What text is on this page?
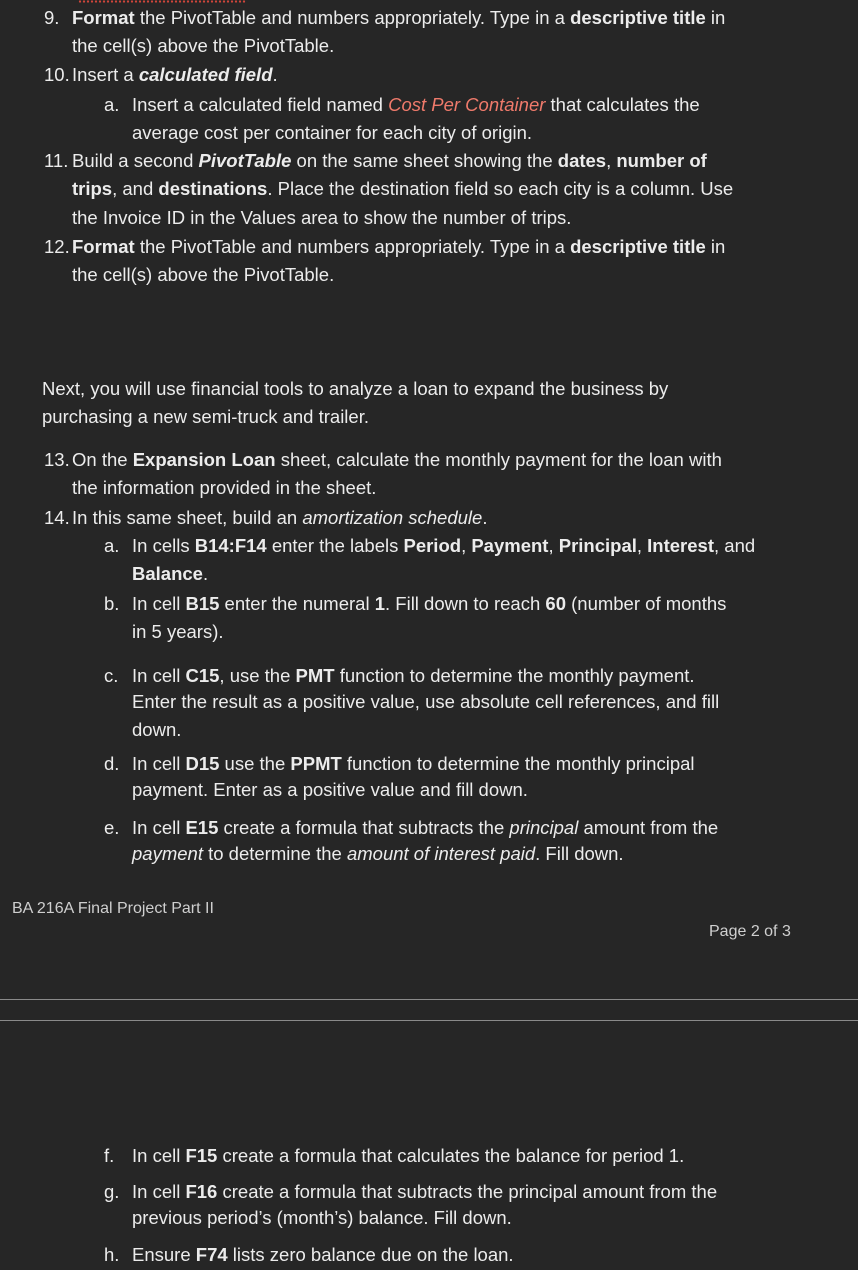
9. Format the PivotTable and numbers appropriately. Type in a descriptive title in
the cell(s) above the PivotTable.
10. Insert a calculated field.
a. Insert a calculated field named Cost Per Container that calculates the
average cost per container for each city of origin.
11. Build a second PivotTable on the same sheet showing the dates, number of
trips, and destinations. Place the destination field so each city is a column. Use
the Invoice ID in the Values area to show the number of trips.
12. Format the PivotTable and numbers appropriately. Type in a descriptive title in
the cell(s) above the PivotTable.
Next, you will use financial tools to analyze a loan to expand the business by
purchasing a new semi-truck and trailer.
13. On the Expansion Loan sheet, calculate the monthly payment for the loan with
the information provided in the sheet.
14. In this same sheet, build an amortization schedule.
a. In cells B14:F14 enter the labels Period, Payment, Principal, Interest, and
Balance.
b. In cell B15 enter the numeral 1. Fill down to reach 60 (number of months
in 5 years).
c. In cell C15, use the PMT function to determine the monthly payment.
Enter the result as a positive value, use absolute cell references, and fill
down.
d. In cell D15 use the PPMT function to determine the monthly principal
payment. Enter as a positive value and fill down.
e. In cell E15 create a formula that subtracts the principal amount from the
payment to determine the amount of interest paid. Fill down.
BA 216A Final Project Part II
Page 2 of 3
f. In cell F15 create a formula that calculates the balance for period 1.
g. In cell F16 create a formula that subtracts the principal amount from the
previous period’s (month’s) balance. Fill down.
h. Ensure F74 lists zero balance due on the loan.
